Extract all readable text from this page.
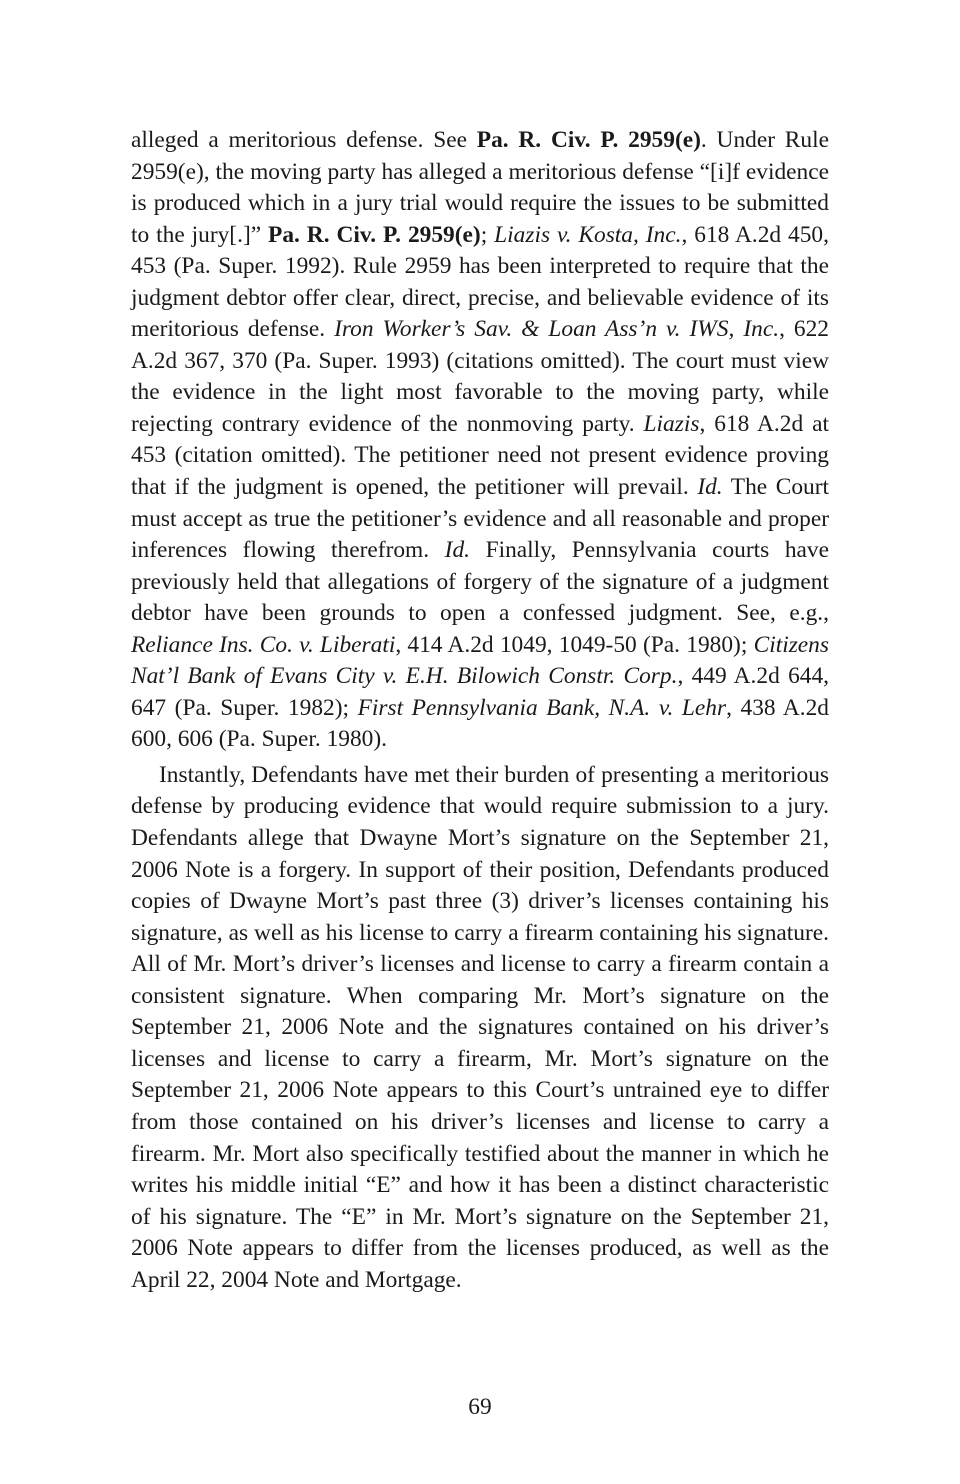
alleged a meritorious defense. See Pa. R. Civ. P. 2959(e). Under Rule 2959(e), the moving party has alleged a meritorious defense “[i]f evidence is produced which in a jury trial would require the issues to be submitted to the jury[.]” Pa. R. Civ. P. 2959(e); Liazis v. Kosta, Inc., 618 A.2d 450, 453 (Pa. Super. 1992). Rule 2959 has been interpreted to require that the judgment debtor offer clear, direct, precise, and believable evidence of its meritorious defense. Iron Worker’s Sav. & Loan Ass’n v. IWS, Inc., 622 A.2d 367, 370 (Pa. Super. 1993) (citations omitted). The court must view the evidence in the light most favorable to the moving party, while rejecting contrary evidence of the nonmoving party. Liazis, 618 A.2d at 453 (citation omitted). The petitioner need not present evidence proving that if the judgment is opened, the petitioner will prevail. Id. The Court must accept as true the petitioner’s evidence and all reasonable and proper inferences flowing therefrom. Id. Finally, Pennsylvania courts have previously held that allegations of forgery of the signature of a judgment debtor have been grounds to open a confessed judgment. See, e.g., Reliance Ins. Co. v. Liberati, 414 A.2d 1049, 1049-50 (Pa. 1980); Citizens Nat’l Bank of Evans City v. E.H. Bilowich Constr. Corp., 449 A.2d 644, 647 (Pa. Super. 1982); First Pennsylvania Bank, N.A. v. Lehr, 438 A.2d 600, 606 (Pa. Super. 1980).

Instantly, Defendants have met their burden of presenting a meritorious defense by producing evidence that would require submission to a jury. Defendants allege that Dwayne Mort’s signature on the September 21, 2006 Note is a forgery. In support of their position, Defendants produced copies of Dwayne Mort’s past three (3) driver’s licenses containing his signature, as well as his license to carry a firearm containing his signature. All of Mr. Mort’s driver’s licenses and license to carry a firearm contain a consistent signature. When comparing Mr. Mort’s signature on the September 21, 2006 Note and the signatures contained on his driver’s licenses and license to carry a firearm, Mr. Mort’s signature on the September 21, 2006 Note appears to this Court’s untrained eye to differ from those contained on his driver’s licenses and license to carry a firearm. Mr. Mort also specifically testified about the manner in which he writes his middle initial “E” and how it has been a distinct characteristic of his signature. The “E” in Mr. Mort’s signature on the September 21, 2006 Note appears to differ from the licenses produced, as well as the April 22, 2004 Note and Mortgage.

69
